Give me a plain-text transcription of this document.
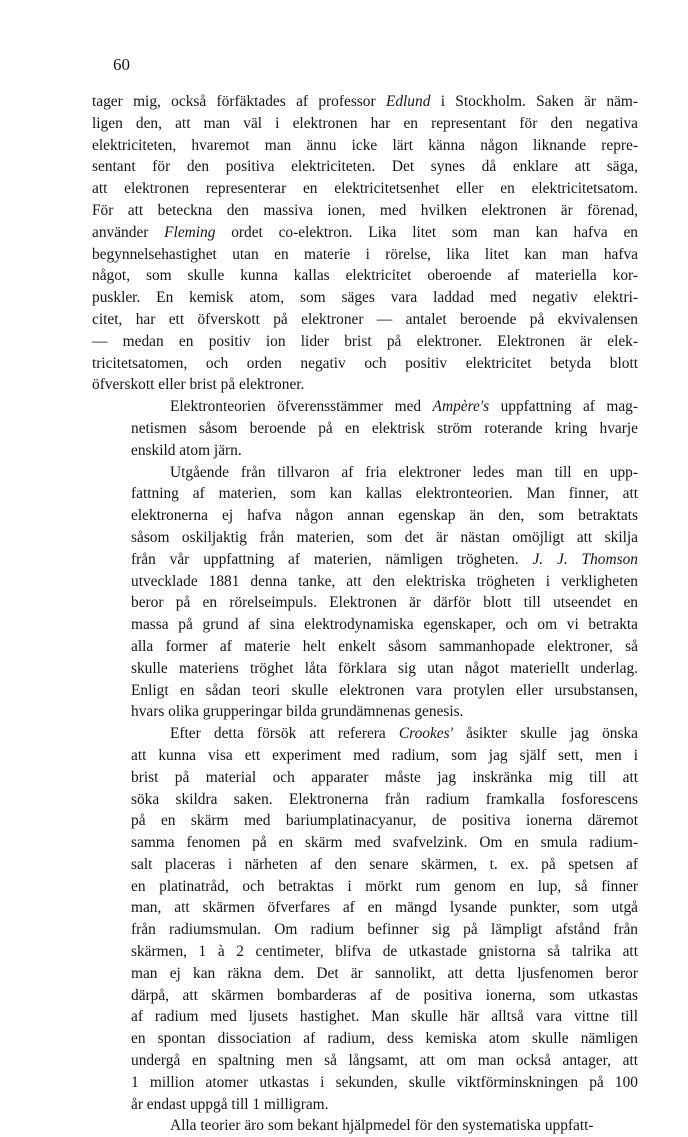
60

tager mig, också förfäktades af professor Edlund i Stockholm. Saken är näm-
ligen den, att man väl i elektronen har en representant för den negativa
elektriciteten, hvaremot man ännu icke lärt känna någon liknande repre-
sentant för den positiva elektriciteten. Det synes då enklare att säga,
att elektronen representerar en elektricitetsenhet eller en elektricitetsatom.
För att beteckna den massiva ionen, med hvilken elektronen är förenad,
använder Fleming ordet co-elektron. Lika litet som man kan hafva en
begynnelsehastighet utan en materie i rörelse, lika litet kan man hafva
något, som skulle kunna kallas elektricitet oberoende af materiella kor-
puskler. En kemisk atom, som säges vara laddad med negativ elektri-
citet, har ett öfverskott på elektroner — antalet beroende på ekvivalensen
— medan en positiv ion lider brist på elektroner. Elektronen är elek-
tricitetsatomen, och orden negativ och positiv elektricitet betyda blott
öfverskott eller brist på elektroner.

Elektronteorien öfverensstämmer med Ampère's uppfattning af mag-
netismen såsom beroende på en elektrisk ström roterande kring hvarje
enskild atom järn.

Utgående från tillvaron af fria elektroner ledes man till en upp-
fattning af materien, som kan kallas elektronteorien. Man finner, att
elektronerna ej hafva någon annan egenskap än den, som betraktats
såsom oskiljaktig från materien, som det är nästan omöjligt att skilja
från vår uppfattning af materien, nämligen trögheten. J. J. Thomson
utvecklade 1881 denna tanke, att den elektriska trögheten i verkligheten
beror på en rörelseimpuls. Elektronen är därför blott till utseendet en
massa på grund af sina elektrodynamiska egenskaper, och om vi betrakta
alla former af materie helt enkelt såsom sammanhopade elektroner, så
skulle materiens tröghet låta förklara sig utan något materiellt underlag.
Enligt en sådan teori skulle elektronen vara protylen eller ursubstansen,
hvars olika grupperingar bilda grundämnenas genesis.

Efter detta försök att referera Crookes' åsikter skulle jag önska
att kunna visa ett experiment med radium, som jag själf sett, men i
brist på material och apparater måste jag inskränka mig till att
söka skildra saken. Elektronerna från radium framkalla fosforescens
på en skärm med bariumplatinacyanur, de positiva ionerna däremot
samma fenomen på en skärm med svafvelzink. Om en smula radium-
salt placeras i närheten af den senare skärmen, t. ex. på spetsen af
en platinatråd, och betraktas i mörkt rum genom en lup, så finner
man, att skärmen öfverfares af en mängd lysande punkter, som utgå
från radiumsmulan. Om radium befinner sig på lämpligt afstånd från
skärmen, 1 à 2 centimeter, blifva de utkastade gnistorna så talrika att
man ej kan räkna dem. Det är sannolikt, att detta ljusfenomen beror
därpå, att skärmen bombarderas af de positiva ionerna, som utkastas
af radium med ljusets hastighet. Man skulle här alltså vara vittne till
en spontan dissociation af radium, dess kemiska atom skulle nämligen
undergå en spaltning men så långsamt, att om man också antager, att
1 million atomer utkastas i sekunden, skulle viktförminskningen på 100
år endast uppgå till 1 milligram.

Alla teorier äro som bekant hjälpmedel för den systematiska uppfatt-
